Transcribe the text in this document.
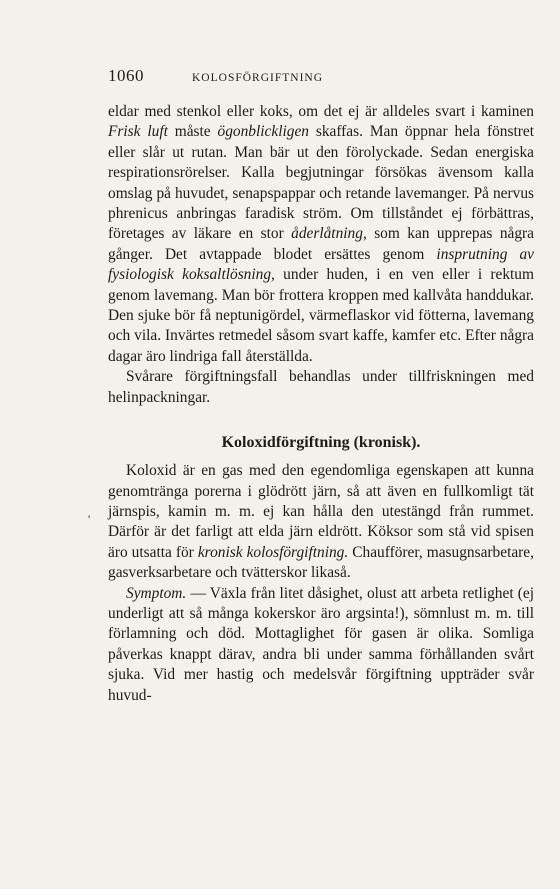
1060	KOLOSFÖRGIFTNING

eldar med stenkol eller koks, om det ej är alldeles svart i kaminen Frisk luft måste ögonblickligen skaffas. Man öppnar hela fönstret eller slår ut rutan. Man bär ut den förolyckade. Sedan energiska respirationsrörelser. Kalla begjutningar försökas ävensom kalla omslag på huvudet, senapspappar och retande lavemanger. På nervus phrenicus anbringas faradisk ström. Om tillståndet ej förbättras, företages av läkare en stor åderlåtning, som kan upprepas några gånger. Det avtappade blodet ersättes genom insprutning av fysiologisk koksaltlösning, under huden, i en ven eller i rektum genom lavemang. Man bör frottera kroppen med kallvåta handdukar. Den sjuke bör få neptunigördel, värmeflaskor vid fötterna, lavemang och vila. Invärtes retmedel såsom svart kaffe, kamfer etc. Efter några dagar äro lindriga fall återställda.

Svårare förgiftningsfall behandlas under tillfriskningen med helinpackningar.

Koloxidförgiftning (kronisk).

Koloxid är en gas med den egendomliga egenskapen att kunna genomtränga porerna i glödrött järn, så att även en fullkomligt tät järnspis, kamin m. m. ej kan hålla den utestängd från rummet. Därför är det farligt att elda järn eldrött. Köksor som stå vid spisen äro utsatta för kronisk kolosförgiftning. Chaufförer, masugnsarbetare, gasverksarbetare och tvätterskor likaså.

Symptom. — Växla från litet dåsighet, olust att arbeta retlighet (ej underligt att så många kokerskor äro argsinta!), sömnlust m. m. till förlamning och död. Mottaglighet för gasen är olika. Somliga påverkas knappt därav, andra bli under samma förhållanden svårt sjuka. Vid mer hastig och medelsvår förgiftning uppträder svår huvud-

'
